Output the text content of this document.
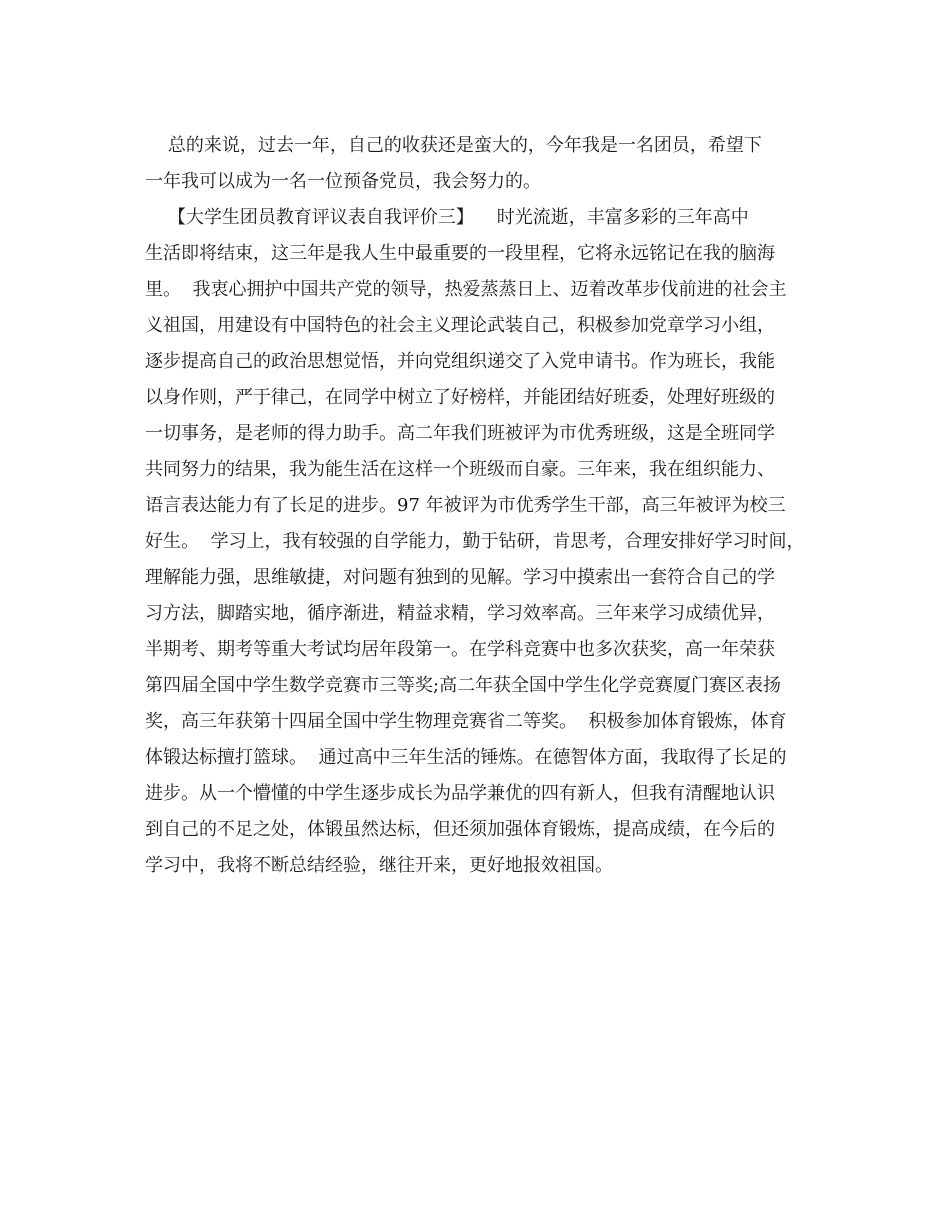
总的来说，过去一年，自己的收获还是蛮大的，今年我是一名团员，希望下
一年我可以成为一名一位预备党员，我会努力的。
【大学生团员教育评议表自我评价三】    时光流逝，丰富多彩的三年高中
生活即将结束，这三年是我人生中最重要的一段里程，它将永远铭记在我的脑海
里。  我衷心拥护中国共产党的领导，热爱蒸蒸日上、迈着改革步伐前进的社会主
义祖国，用建设有中国特色的社会主义理论武装自己，积极参加党章学习小组，
逐步提高自己的政治思想觉悟，并向党组织递交了入党申请书。作为班长，我能
以身作则，严于律己，在同学中树立了好榜样，并能团结好班委，处理好班级的
一切事务，是老师的得力助手。高二年我们班被评为市优秀班级，这是全班同学
共同努力的结果，我为能生活在这样一个班级而自豪。三年来，我在组织能力、
语言表达能力有了长足的进步。97 年被评为市优秀学生干部，高三年被评为校三
好生。  学习上，我有较强的自学能力，勤于钻研，肯思考，合理安排好学习时间，
理解能力强，思维敏捷，对问题有独到的见解。学习中摸索出一套符合自己的学
习方法，脚踏实地，循序渐进，精益求精，学习效率高。三年来学习成绩优异，
半期考、期考等重大考试均居年段第一。在学科竞赛中也多次获奖，高一年荣获
第四届全国中学生数学竞赛市三等奖;高二年获全国中学生化学竞赛厦门赛区表扬
奖，高三年获第十四届全国中学生物理竞赛省二等奖。  积极参加体育锻炼，体育
体锻达标擅打篮球。  通过高中三年生活的锤炼。在德智体方面，我取得了长足的
进步。从一个懵懂的中学生逐步成长为品学兼优的四有新人，但我有清醒地认识
到自己的不足之处，体锻虽然达标，但还须加强体育锻炼，提高成绩，在今后的
学习中，我将不断总结经验，继往开来，更好地报效祖国。
